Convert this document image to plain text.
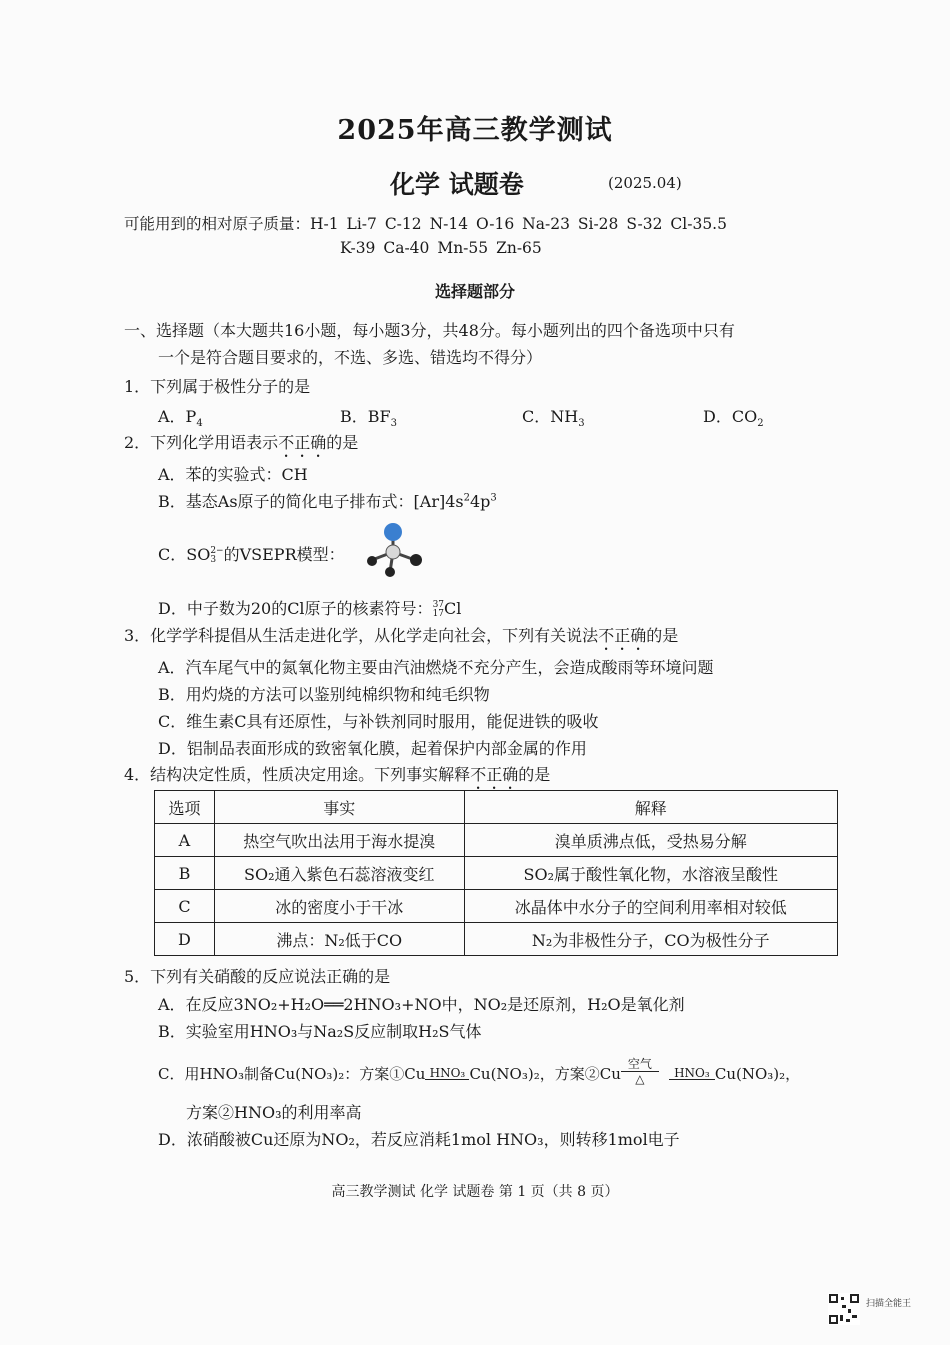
2025年高三教学测试
化学 试题卷	(2025.04)
可能用到的相对原子质量：H-1 Li-7 C-12 N-14 O-16 Na-23 Si-28 S-32 Cl-35.5
K-39 Ca-40 Mn-55 Zn-65
选择题部分
一、选择题（本大题共16小题，每小题3分，共48分。每小题列出的四个备选项中只有
一个是符合题目要求的，不选、多选、错选均不得分）
1．下列属于极性分子的是
A．$P_4$	B．$BF_3$	C．$NH_3$	D．$CO_2$
2．下列化学用语表示不正确的是
A．苯的实验式：CH
B．基态As原子的简化电子排布式：$[Ar]4s^24p^3$
C．SO 2−
3 的VSEPR模型：
D．中子数为20的Cl原子的核素符号： 37
17 Cl
3．化学学科提倡从生活走进化学，从化学走向社会，下列有关说法不正确的是
A．汽车尾气中的氮氧化物主要由汽油燃烧不充分产生，会造成酸雨等环境问题
B．用灼烧的方法可以鉴别纯棉织物和纯毛织物
C．维生素C具有还原性，与补铁剂同时服用，能促进铁的吸收
D．铝制品表面形成的致密氧化膜，起着保护内部金属的作用
4．结构决定性质，性质决定用途。下列事实解释不正确的是
选项	事实	解释
A	热空气吹出法用于海水提溴	溴单质沸点低，受热易分解
B	SO₂通入紫色石蕊溶液变红	SO₂属于酸性氧化物，水溶液呈酸性
C	冰的密度小于干冰	冰晶体中水分子的空间利用率相对较低
D	沸点：N₂低于CO	N₂为非极性分子，CO为极性分子
5．下列有关硝酸的反应说法正确的是
A．在反应3NO₂+H₂O══2HNO₃+NO中，NO₂是还原剂，H₂O是氧化剂
B．实验室用HNO₃与Na₂S反应制取H₂S气体
C．用HNO₃制备Cu(NO₃)₂：方案①Cu HNO₃ Cu(NO₃)₂，方案②Cu
空气
△	HNO₃ Cu(NO₃)₂，
方案②HNO₃的利用率高
D．浓硝酸被Cu还原为NO₂，若反应消耗1mol HNO₃，则转移1mol电子
高三教学测试 化学 试题卷 第 1 页（共 8 页）
扫描全能王
